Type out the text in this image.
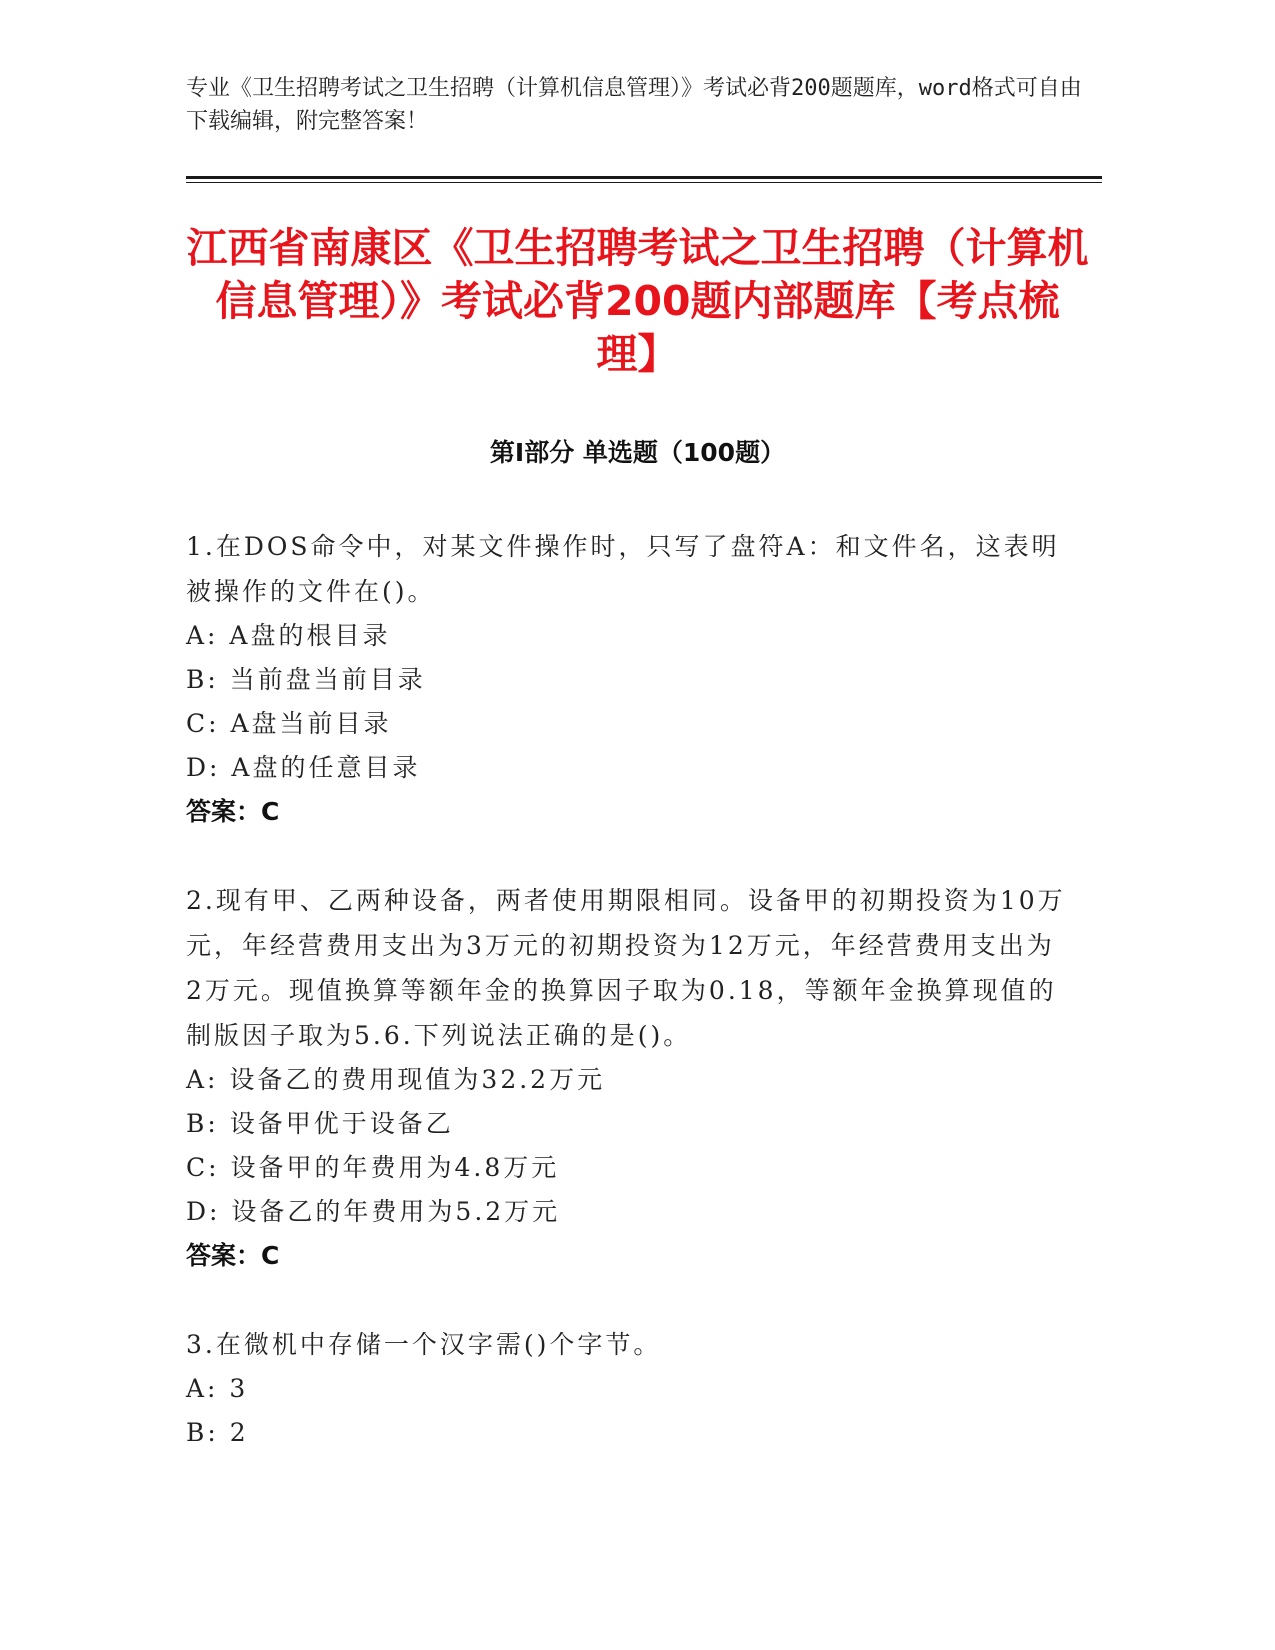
专业《卫生招聘考试之卫生招聘（计算机信息管理）》考试必背200题题库，word格式可自由下载编辑，附完整答案！
江西省南康区《卫生招聘考试之卫生招聘（计算机信息管理）》考试必背200题内部题库【考点梳理】
第Ⅰ部分 单选题（100题）
1.在DOS命令中，对某文件操作时，只写了盘符A：和文件名，这表明被操作的文件在()。
A: A盘的根目录
B: 当前盘当前目录
C: A盘当前目录
D: A盘的任意目录
答案：C
2.现有甲、乙两种设备，两者使用期限相同。设备甲的初期投资为10万元，年经营费用支出为3万元的初期投资为12万元，年经营费用支出为2万元。现值换算等额年金的换算因子取为0.18，等额年金换算现值的制版因子取为5.6.下列说法正确的是()。
A: 设备乙的费用现值为32.2万元
B: 设备甲优于设备乙
C: 设备甲的年费用为4.8万元
D: 设备乙的年费用为5.2万元
答案：C
3.在微机中存储一个汉字需()个字节。
A: 3
B: 2
